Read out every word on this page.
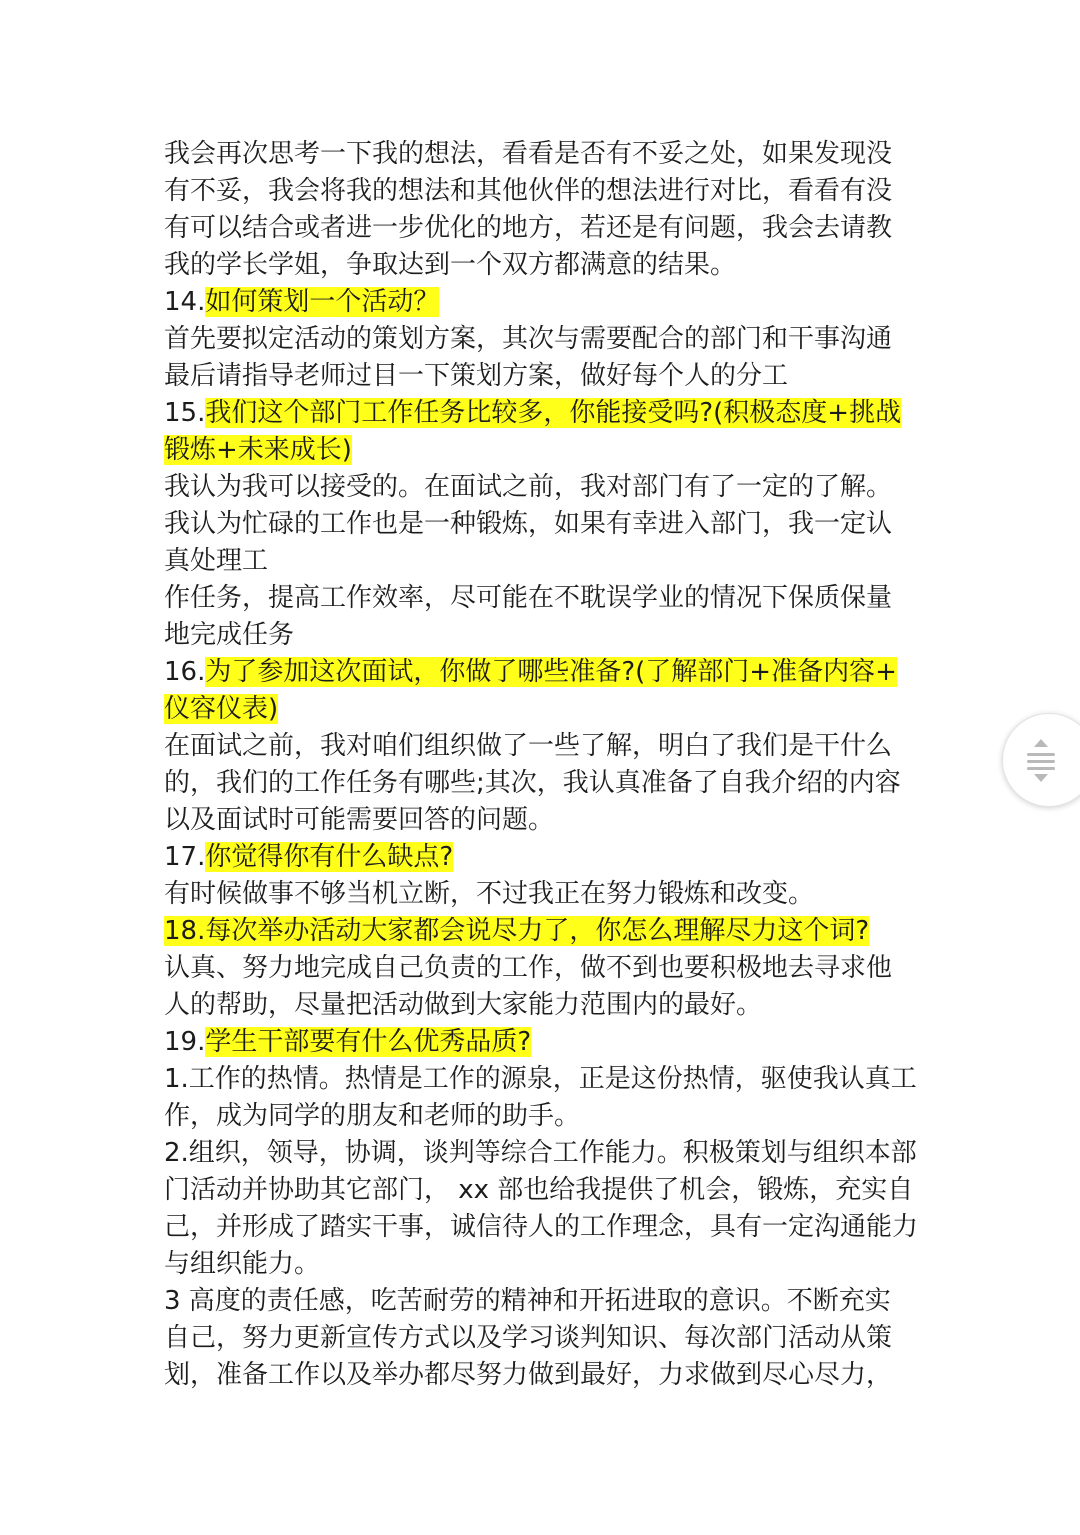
我会再次思考一下我的想法，看看是否有不妥之处，如果发现没
有不妥，我会将我的想法和其他伙伴的想法进行对比，看看有没
有可以结合或者进一步优化的地方，若还是有问题，我会去请教
我的学长学姐，争取达到一个双方都满意的结果。
14.如何策划一个活动？
首先要拟定活动的策划方案，其次与需要配合的部门和干事沟通
最后请指导老师过目一下策划方案，做好每个人的分工
15.我们这个部门工作任务比较多，你能接受吗?(积极态度+挑战
锻炼+未来成长)
我认为我可以接受的。在面试之前，我对部门有了一定的了解。
我认为忙碌的工作也是一种锻炼，如果有幸进入部门，我一定认
真处理工
作任务，提高工作效率，尽可能在不耽误学业的情况下保质保量
地完成任务
16.为了参加这次面试，你做了哪些准备?(了解部门+准备内容+
仪容仪表)
在面试之前，我对咱们组织做了一些了解，明白了我们是干什么
的，我们的工作任务有哪些;其次，我认真准备了自我介绍的内容
以及面试时可能需要回答的问题。
17.你觉得你有什么缺点?
有时候做事不够当机立断，不过我正在努力锻炼和改变。
18.每次举办活动大家都会说尽力了，你怎么理解尽力这个词?
认真、努力地完成自己负责的工作，做不到也要积极地去寻求他
人的帮助，尽量把活动做到大家能力范围内的最好。
19.学生干部要有什么优秀品质?
1.工作的热情。热情是工作的源泉，正是这份热情，驱使我认真工
作，成为同学的朋友和老师的助手。
2.组织，领导，协调，谈判等综合工作能力。积极策划与组织本部
门活动并协助其它部门， xx 部也给我提供了机会，锻炼，充实自
己，并形成了踏实干事，诚信待人的工作理念，具有一定沟通能力
与组织能力。
3 高度的责任感，吃苦耐劳的精神和开拓进取的意识。不断充实
自己，努力更新宣传方式以及学习谈判知识、每次部门活动从策
划，准备工作以及举办都尽努力做到最好，力求做到尽心尽力，
